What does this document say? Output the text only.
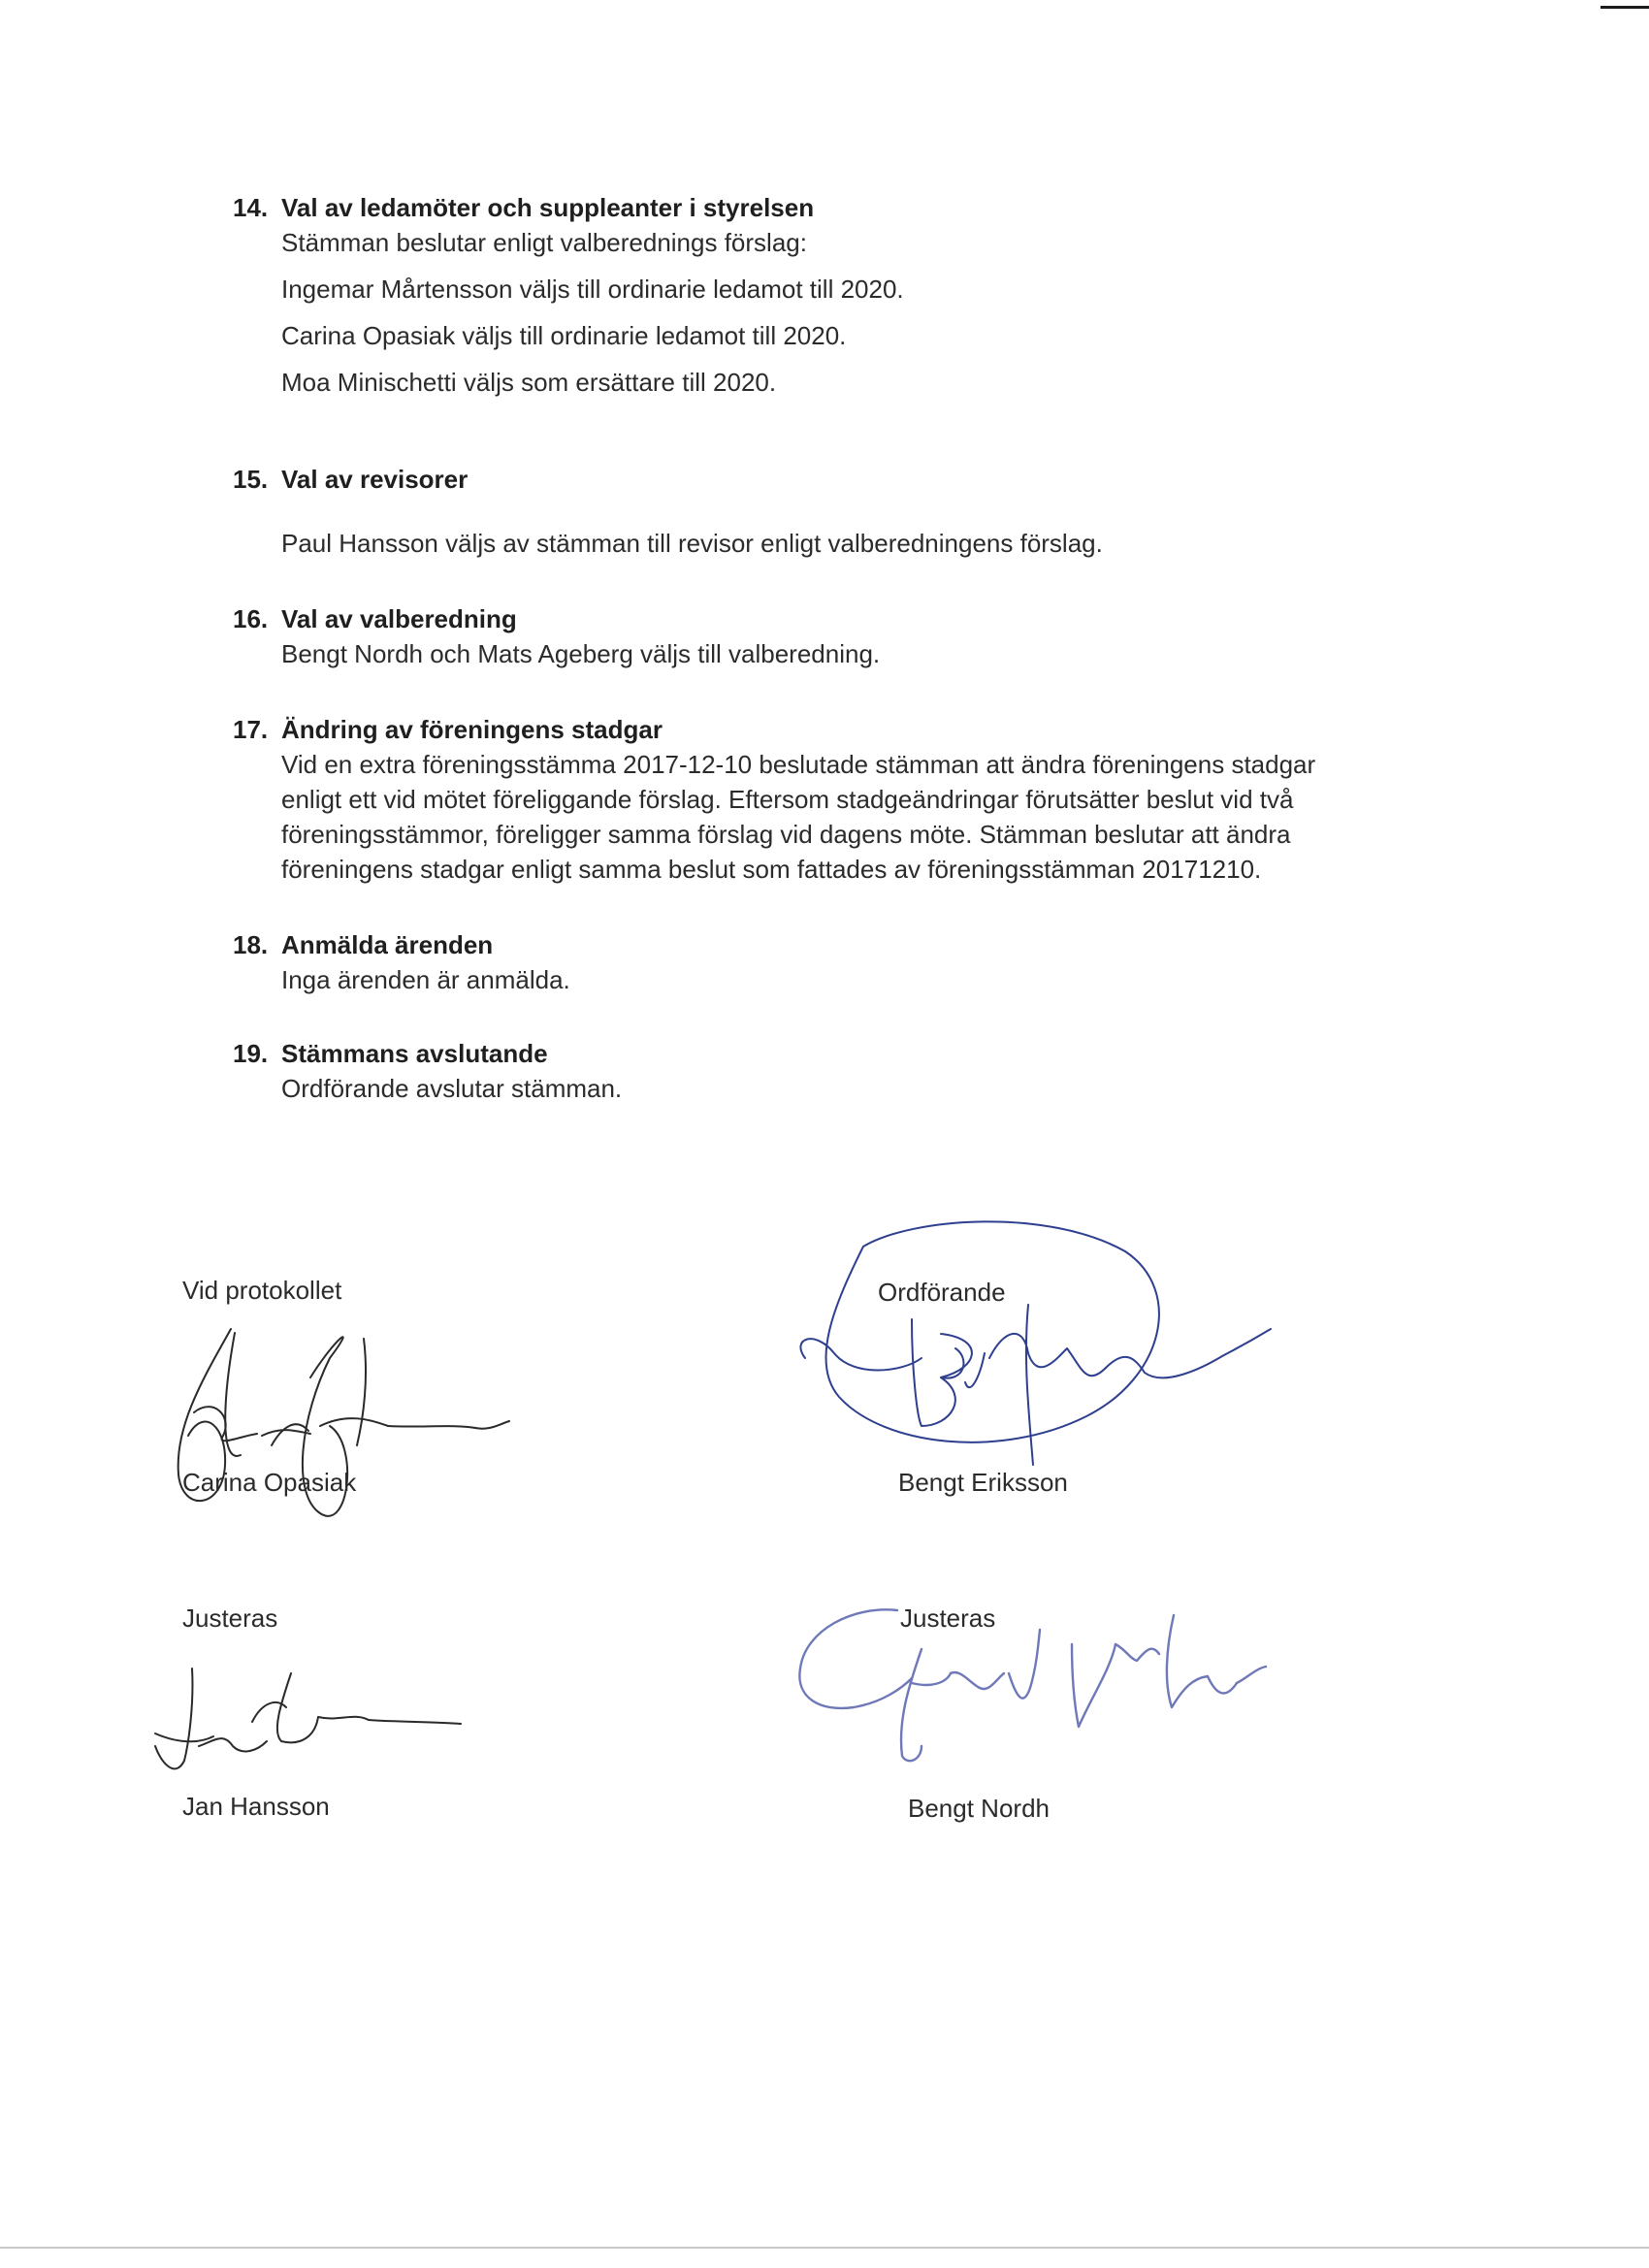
14. Val av ledamöter och suppleanter i styrelsen

Stämman beslutar enligt valberednings förslag:

Ingemar Mårtensson väljs till ordinarie ledamot till 2020.

Carina Opasiak väljs till ordinarie ledamot till 2020.

Moa Minischetti väljs som ersättare till 2020.

15. Val av revisorer

Paul Hansson väljs av stämman till revisor enligt valberedningens förslag.

16. Val av valberedning

Bengt Nordh och Mats Ageberg väljs till valberedning.

17. Ändring av föreningens stadgar

Vid en extra föreningsstämma 2017-12-10 beslutade stämman att ändra föreningens stadgar

enligt ett vid mötet föreliggande förslag. Eftersom stadgeändringar förutsätter beslut vid två

föreningsstämmor, föreligger samma förslag vid dagens möte. Stämman beslutar att ändra

föreningens stadgar enligt samma beslut som fattades av föreningsstämman 20171210.

18. Anmälda ärenden

Inga ärenden är anmälda.

19. Stämmans avslutande

Ordförande avslutar stämman.

Vid protokollet
Carina Opasiak
Ordförande
Bengt Eriksson
Justeras
Jan Hansson
Justeras
Bengt Nordh
